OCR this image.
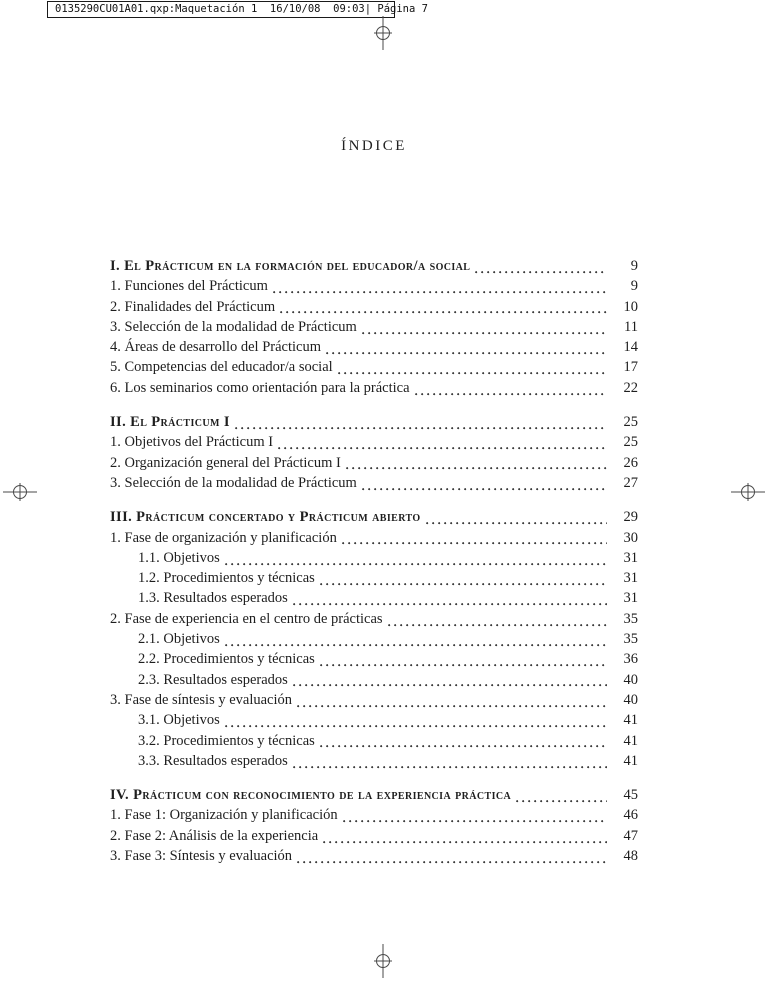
0135290CU01A01.qxp:Maquetación 1  16/10/08  09:03| Página 7
ÍNDICE
I. El Prácticum en la formación del educador/a social	9
1. Funciones del Prácticum	9
2. Finalidades del Prácticum	10
3. Selección de la modalidad de Prácticum	11
4. Áreas de desarrollo del Prácticum	14
5. Competencias del educador/a social	17
6. Los seminarios como orientación para la práctica	22
II. El Prácticum I	25
1. Objetivos del Prácticum I	25
2. Organización general del Prácticum I	26
3. Selección de la modalidad de Prácticum	27
III. Prácticum concertado y Prácticum abierto	29
1. Fase de organización y planificación	30
1.1. Objetivos	31
1.2. Procedimientos y técnicas	31
1.3. Resultados esperados	31
2. Fase de experiencia en el centro de prácticas	35
2.1. Objetivos	35
2.2. Procedimientos y técnicas	36
2.3. Resultados esperados	40
3. Fase de síntesis y evaluación	40
3.1. Objetivos	41
3.2. Procedimientos y técnicas	41
3.3. Resultados esperados	41
IV. Prácticum con reconocimiento de la experiencia práctica	45
1. Fase 1: Organización y planificación	46
2. Fase 2: Análisis de la experiencia	47
3. Fase 3: Síntesis y evaluación	48
